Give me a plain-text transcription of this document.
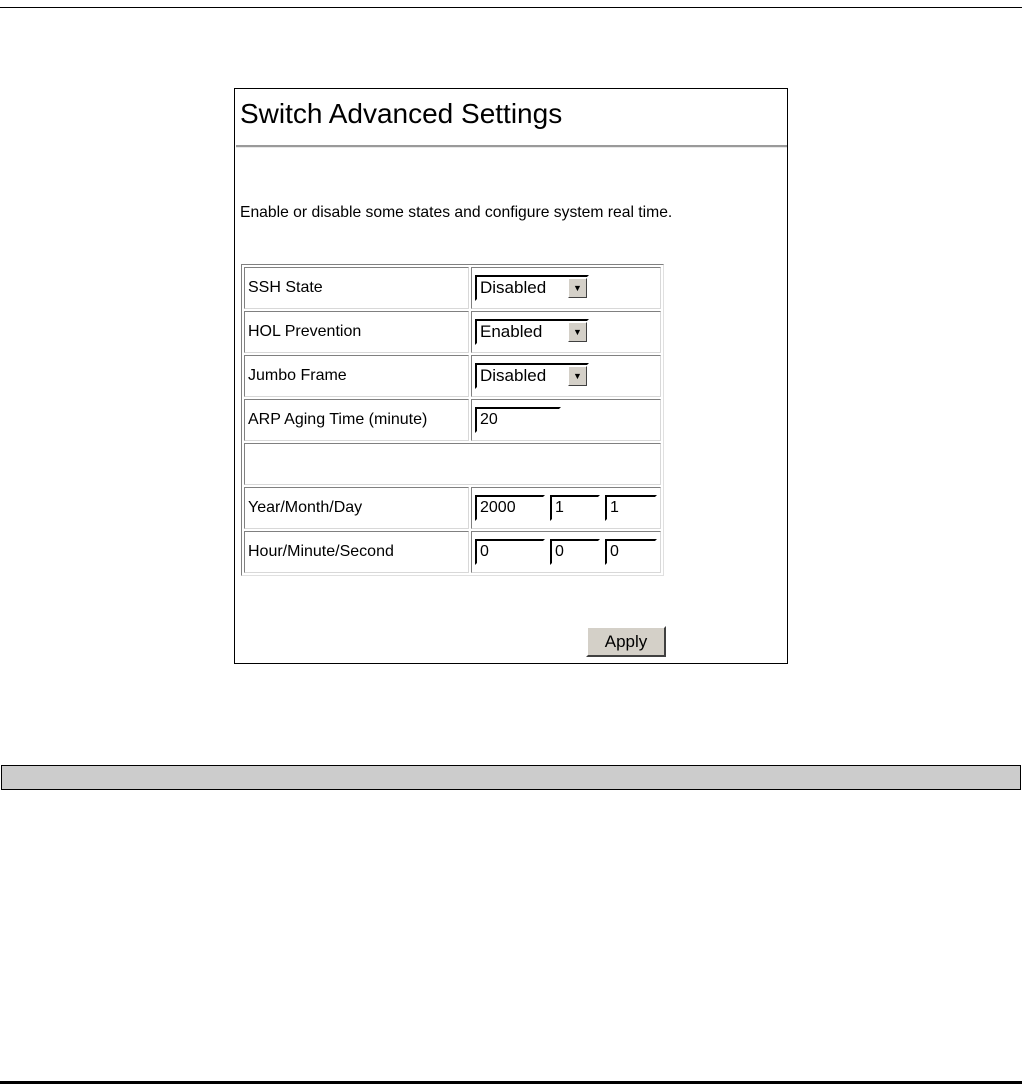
Switch Advanced Settings
Enable or disable some states and configure system real time.
SSH State	Disabled ▼

HOL Prevention	Enabled ▼

Jumbo Frame	Disabled ▼

ARP Aging Time (minute)	20

Year/Month/Day	2000 1 1
Hour/Minute/Second	0 0 0
Apply
